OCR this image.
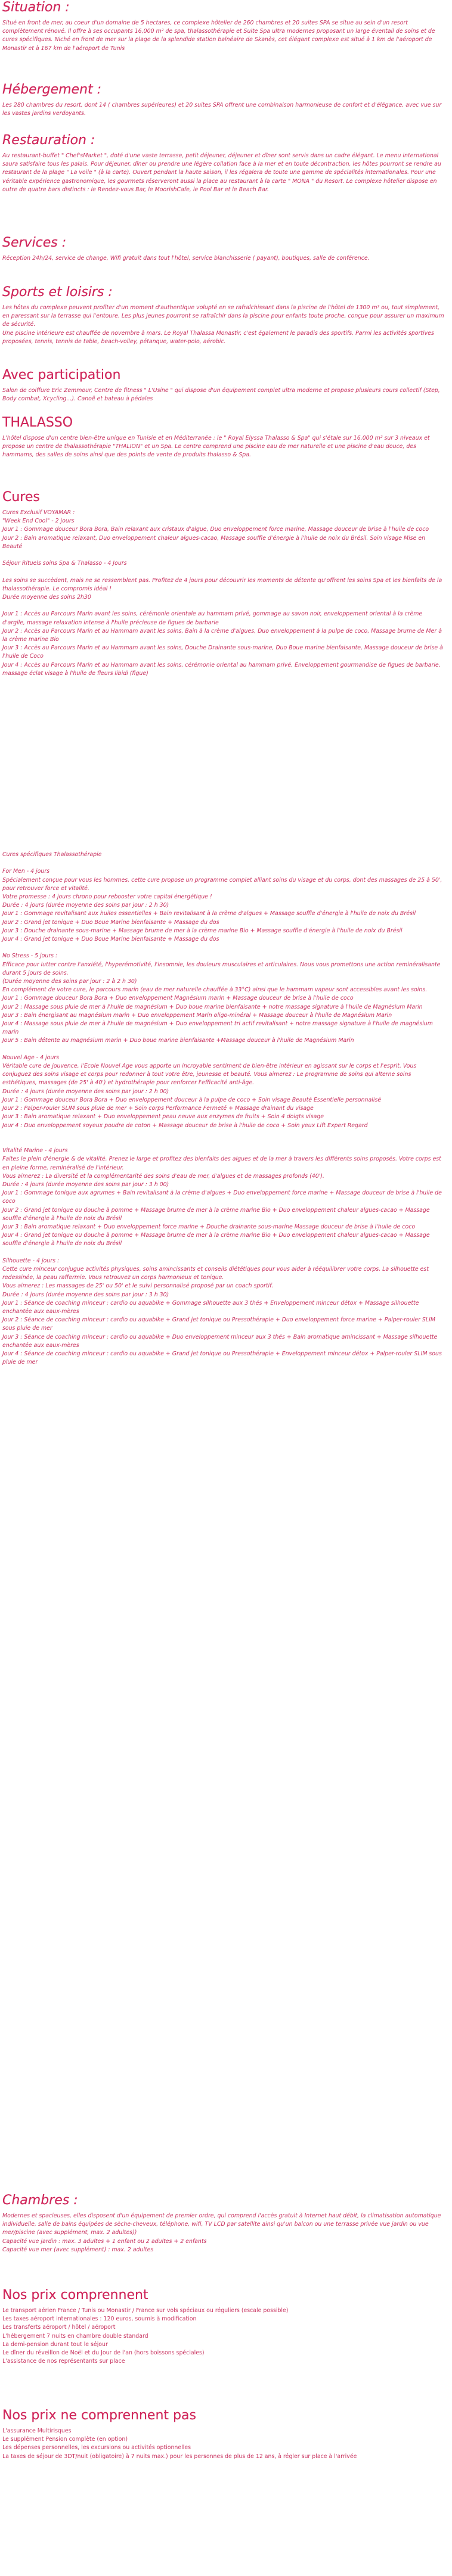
Situation :

Situé en front de mer, au coeur d'un domaine de 5 hectares, ce complexe hôtelier de 260 chambres et 20 suites SPA se situe au sein d'un resort complètement rénové. Il offre à ses occupants 16,000 m² de spa, thalassothérapie et Suite Spa ultra modernes proposant un large éventail de soins et de cures spécifiques. Niché en front de mer sur la plage de la splendide station balnéaire de Skanès, cet élégant complexe est situé à 1 km de l'aéroport de Monastir et à 167 km de l'aéroport de Tunis

Hébergement :

Les 280 chambres du resort, dont 14 ( chambres supérieures) et 20 suites SPA offrent une combinaison harmonieuse de confort et d'élégance, avec vue sur les vastes jardins verdoyants.

Restauration :

Au restaurant-buffet " Chef'sMarket ", doté d'une vaste terrasse, petit déjeuner, déjeuner et dîner sont servis dans un cadre élégant. Le menu international saura satisfaire tous les palais. Pour déjeuner, dîner ou prendre une légère collation face à la mer et en toute décontraction, les hôtes pourront se rendre au restaurant de la plage " La voile " (à la carte). Ouvert pendant la haute saison, il les régalera de toute une gamme de spécialités internationales. Pour une véritable expérience gastronomique, les gourmets réserveront aussi la place au restaurant à la carte " MONA " du Resort. Le complexe hôtelier dispose en outre de quatre bars distincts : le Rendez-vous Bar, le MoorishCafe, le Pool Bar et le Beach Bar.

Services :

Réception 24h/24, service de change, Wifi gratuit dans tout l'hôtel, service blanchisserie ( payant), boutiques, salle de conférence.

Sports et loisirs :

Les hôtes du complexe peuvent profiter d'un moment d'authentique volupté en se rafraîchissant dans la piscine de l'hôtel de 1300 m² ou, tout simplement, en paressant sur la terrasse qui l'entoure. Les plus jeunes pourront se rafraîchir dans la piscine pour enfants toute proche, conçue pour assurer un maximum de sécurité.
Une piscine intérieure est chauffée de novembre à mars. Le Royal Thalassa Monastir, c'est également le paradis des sportifs. Parmi les activités sportives proposées, tennis, tennis de table, beach-volley, pétanque, water-polo, aérobic.

Avec participation

Salon de coiffure Eric Zemmour, Centre de fitness " L'Usine " qui dispose d'un équipement complet ultra moderne et propose plusieurs cours collectif (Step, Body combat, Xcycling...). Canoë et bateau à pédales

THALASSO

L'hôtel dispose d'un centre bien-être unique en Tunisie et en Méditerranée : le " Royal Elyssa Thalasso & Spa" qui s'étale sur 16.000 m² sur 3 niveaux et propose un centre de thalassothérapie "THALION" et un Spa. Le centre comprend une piscine eau de mer naturelle et une piscine d'eau douce, des hammams, des salles de soins ainsi que des points de vente de produits thalasso & Spa.

Cures

Cures Exclusif VOYAMAR :
"Week End Cool" - 2 jours
Jour 1 : Gommage douceur Bora Bora, Bain relaxant aux cristaux d'algue, Duo enveloppement force marine, Massage douceur de brise à l'huile de coco
Jour 2 : Bain aromatique relaxant, Duo enveloppement chaleur algues-cacao, Massage souffle d'énergie à l'huile de noix du Brésil. Soin visage Mise en Beauté

Séjour Rituels soins Spa & Thalasso - 4 Jours

Les soins se succèdent, mais ne se ressemblent pas. Profitez de 4 jours pour découvrir les moments de détente qu'offrent les soins Spa et les bienfaits de la thalassothérapie. Le compromis idéal !
Durée moyenne des soins 2h30

Jour 1 : Accès au Parcours Marin avant les soins, cérémonie orientale au hammam privé, gommage au savon noir, enveloppement oriental à la crème d'argile, massage relaxation intense à l'huile précieuse de figues de barbarie
Jour 2 : Accès au Parcours Marin et au Hammam avant les soins, Bain à la crème d'algues, Duo enveloppement à la pulpe de coco, Massage brume de Mer à la crème marine Bio
Jour 3 : Accès au Parcours Marin et au Hammam avant les soins, Douche Drainante sous-marine, Duo Boue marine bienfaisante, Massage douceur de brise à l'huile de Coco
Jour 4 : Accès au Parcours Marin et au Hammam avant les soins, cérémonie oriental au hammam privé, Enveloppement gourmandise de figues de barbarie, massage éclat visage à l'huile de fleurs libidi (figue)

Cures spécifiques Thalassothérapie

For Men - 4 jours
Spécialement conçue pour vous les hommes, cette cure propose un programme complet alliant soins du visage et du corps, dont des massages de 25 à 50', pour retrouver force et vitalité.
Votre promesse : 4 jours chrono pour rebooster votre capital énergétique !
Durée : 4 jours (durée moyenne des soins par jour : 2 h 30)
Jour 1 : Gommage revitalisant aux huiles essentielles + Bain revitalisant à la crème d'algues + Massage souffle d'énergie à l'huile de noix du Brésil
Jour 2 : Grand jet tonique + Duo Boue Marine bienfaisante + Massage du dos
Jour 3 : Douche drainante sous-marine + Massage brume de mer à la crème marine Bio + Massage souffle d'énergie à l'huile de noix du Brésil
Jour 4 : Grand jet tonique + Duo Boue Marine bienfaisante + Massage du dos

No Stress - 5 jours :
Efficace pour lutter contre l'anxiété, l'hyperémotivité, l'insomnie, les douleurs musculaires et articulaires. Nous vous promettons une action reminéralisante durant 5 jours de soins.
(Durée moyenne des soins par jour : 2 à 2 h 30)
En complément de votre cure, le parcours marin (eau de mer naturelle chauffée à 33°C) ainsi que le hammam vapeur sont accessibles avant les soins.
Jour 1 : Gommage douceur Bora Bora + Duo enveloppement Magnésium marin + Massage douceur de brise à l'huile de coco
Jour 2 : Massage sous pluie de mer à l'huile de magnésium + Duo boue marine bienfaisante + notre massage signature à l'huile de Magnésium Marin
Jour 3 : Bain énergisant au magnésium marin + Duo enveloppement Marin oligo-minéral + Massage douceur à l'huile de Magnésium Marin
Jour 4 : Massage sous pluie de mer à l'huile de magnésium + Duo enveloppement tri actif revitalisant + notre massage signature à l'huile de magnésium marin
Jour 5 : Bain détente au magnésium marin + Duo boue marine bienfaisante +Massage douceur à l'huile de Magnésium Marin

Nouvel Age - 4 jours
Véritable cure de jouvence, l'Ecole Nouvel Age vous apporte un incroyable sentiment de bien-être intérieur en agissant sur le corps et l'esprit. Vous conjuguez des soins visage et corps pour redonner à tout votre être, jeunesse et beauté. Vous aimerez : Le programme de soins qui alterne soins esthétiques, massages (de 25' à 40') et hydrothérapie pour renforcer l'efficacité anti-âge.
Durée : 4 jours (durée moyenne des soins par jour : 2 h 00)
Jour 1 : Gommage douceur Bora Bora + Duo enveloppement douceur à la pulpe de coco + Soin visage Beauté Essentielle personnalisé
Jour 2 : Palper-rouler SLIM sous pluie de mer + Soin corps Performance Fermeté + Massage drainant du visage
Jour 3 : Bain aromatique relaxant + Duo enveloppement peau neuve aux enzymes de fruits + Soin 4 doigts visage
Jour 4 : Duo enveloppement soyeux poudre de coton + Massage douceur de brise à l'huile de coco + Soin yeux Lift Expert Regard

Vitalité Marine - 4 jours
Faites le plein d'énergie & de vitalité. Prenez le large et profitez des bienfaits des algues et de la mer à travers les différents soins proposés. Votre corps est en pleine forme, reminéralisé de l'intérieur.
Vous aimerez : La diversité et la complémentarité des soins d'eau de mer, d'algues et de massages profonds (40').
Durée : 4 jours (durée moyenne des soins par jour : 3 h 00)
Jour 1 : Gommage tonique aux agrumes + Bain revitalisant à la crème d'algues + Duo enveloppement force marine + Massage douceur de brise à l'huile de coco
Jour 2 : Grand jet tonique ou douche à pomme + Massage brume de mer à la crème marine Bio + Duo enveloppement chaleur algues-cacao + Massage souffle d'énergie à l'huile de noix du Brésil
Jour 3 : Bain aromatique relaxant + Duo enveloppement force marine + Douche drainante sous-marine Massage douceur de brise à l'huile de coco
Jour 4 : Grand jet tonique ou douche à pomme + Massage brume de mer à la crème marine Bio + Duo enveloppement chaleur algues-cacao + Massage souffle d'énergie à l'huile de noix du Brésil

Silhouette - 4 jours :
Cette cure minceur conjugue activités physiques, soins amincissants et conseils diététiques pour vous aider à rééquilibrer votre corps. La silhouette est redessinée, la peau raffermie. Vous retrouvez un corps harmonieux et tonique.
Vous aimerez : Les massages de 25' ou 50' et le suivi personnalisé proposé par un coach sportif.
Durée : 4 jours (durée moyenne des soins par jour : 3 h 30)
Jour 1 : Séance de coaching minceur : cardio ou aquabike + Gommage silhouette aux 3 thés + Enveloppement minceur détox + Massage silhouette enchantée aux eaux-mères
Jour 2 : Séance de coaching minceur : cardio ou aquabike + Grand jet tonique ou Pressothérapie + Duo enveloppement force marine + Palper-rouler SLIM sous pluie de mer
Jour 3 : Séance de coaching minceur : cardio ou aquabike + Duo enveloppement minceur aux 3 thés + Bain aromatique amincissant + Massage silhouette enchantée aux eaux-mères
Jour 4 : Séance de coaching minceur : cardio ou aquabike + Grand jet tonique ou Pressothérapie + Enveloppement minceur détox + Palper-rouler SLIM sous pluie de mer

Chambres :

Modernes et spacieuses, elles disposent d'un équipement de premier ordre, qui comprend l'accès gratuit à Internet haut débit, la climatisation automatique individuelle, salle de bains équipées de sèche-cheveux, téléphone, wifi, TV LCD par satellite ainsi qu'un balcon ou une terrasse privée vue jardin ou vue mer/piscine (avec supplément, max. 2 adultes))
Capacité vue jardin : max. 3 adultes + 1 enfant ou 2 adultes + 2 enfants
Capacité vue mer (avec supplément) : max. 2 adultes

Nos prix comprennent

Le transport aérien France / Tunis ou Monastir / France sur vols spéciaux ou réguliers (escale possible)
Les taxes aéroport internationales : 120 euros, soumis à modification
Les transferts aéroport / hôtel / aéroport
L'hébergement 7 nuits en chambre double standard
La demi-pension durant tout le séjour
Le dîner du réveillon de Noël et du Jour de l'an (hors boissons spéciales)
L'assistance de nos représentants sur place

Nos prix ne comprennent pas

L'assurance Multirisques
Le supplément Pension complète (en option)
Les dépenses personnelles, les excursions ou activités optionnelles
La taxes de séjour de 3DT/nuit (obligatoire) à 7 nuits max.) pour les personnes de plus de 12 ans, à régler sur place à l'arrivée
